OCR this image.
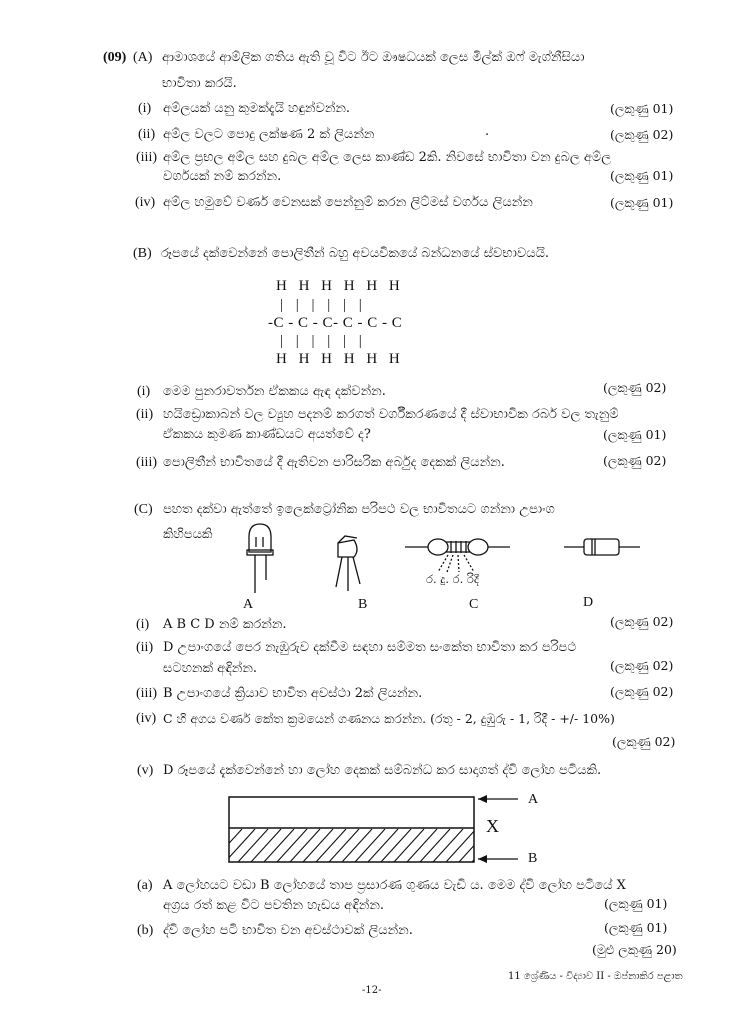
(09) (A) ආමාශයේ ආම්ලික ගතිය ඇති වූ විට ඊට ඖෂධයක් ලෙස මිල්ක් ඔෆ් මැග්නීසියා
භාවිතා කරයි.
(i) අම්ලයක් යනු කුමක්දැයි හඳුන්වන්න.	(ලකුණු 01)
(ii) අම්ල වලට පොදු ලක්ෂණ 2 ක් ලියන්න	.	(ලකුණු 02)
(iii) අම්ල ප්‍රභල අම්ල සහ දුබල අම්ල ලෙස කාණ්ඩ 2කි. නිවසේ භාවිතා වන දුබල අම්ල
වර්ගයක් නම් කරන්න.	(ලකුණු 01)
(iv) අම්ල හමුවේ වර්ණ වෙනසක් පෙන්නුම් කරන ලිට්මස් වර්ගය ලියන්න	(ලකුණු 01)
(B) රූපයේ දක්වෙන්නේ පොලිතීන් බහු අවයවිකයේ බන්ධනයේ ස්වභාවයයි.
H H H H H H
| | | | | |
-C - C - C- C - C - C
| | | | | |
H H H H H H
(i) මෙම පුනරාවර්තන ඒකකය ඇඳ දක්වන්න.	(ලකුණු 02)
(ii) හයිඩ්‍රොකාබන් වල ව්‍යුහ පදනම් කරගත් වර්ගීකරණයේ දී ස්වාභාවික රබර් වල තැනුම්
ඒකකය කුමණ කාණ්ඩයට අයත්වේ ද?	(ලකුණු 01)
(iii) පොලිතීන් භාවිතයේ දී ඇතිවන පාරිසරික අර්බුද දෙකක් ලියන්න.	(ලකුණු 02)
(C) පහත දක්වා ඇත්තේ ඉලෙක්ට්‍රෝනික පරිපථ වල භාවිතයට ගන්නා උපාංග
කිහිපයකි
A	B	C	D
ර. දු. ර. රිදී
(i) A B C D නම් කරන්න.	(ලකුණු 02)
(ii) D උපාංගයේ පෙර නැඹුරුව දක්වීම සඳහා සම්මත සංකේත භාවිතා කර පරිපථ
සටහනක් අඳින්න.	(ලකුණු 02)
(iii) B උපාංගයේ ක්‍රියාව භාවිත අවස්ථා 2ක් ලියන්න.	(ලකුණු 02)
(iv) C හි අගය වර්ණ කේත ක්‍රමයෙන් ගණනය කරන්න. (රතු - 2, දුඹුරු - 1, රිදී - +/- 10%)
(ලකුණු 02)
(v) D රූපයේ දැක්වෙන්නේ හා ලෝහ දෙකක් සම්බන්ධ කර සාදාගත් ද්වි ලෝහ පටියකි.
A
B
X
(a) A ලෝහයට වඩා B ලෝහයේ තාප ප්‍රසාරණ ගුණය වැඩි ය. මෙම ද්වි ලෝහ පටියේ X
අග්‍රය රත් කළ විට පවතින හැඩය අඳින්න.	(ලකුණු 01)
(b) ද්වි ලෝහ පටි භාවිත වන අවස්ථාවක් ලියන්න.	(ලකුණු 01)
(මුළු ලකුණු 20)
11 ශ්‍රේණිය - විද්‍යාව II - ඔප්නාකිර පළාත
-12-
